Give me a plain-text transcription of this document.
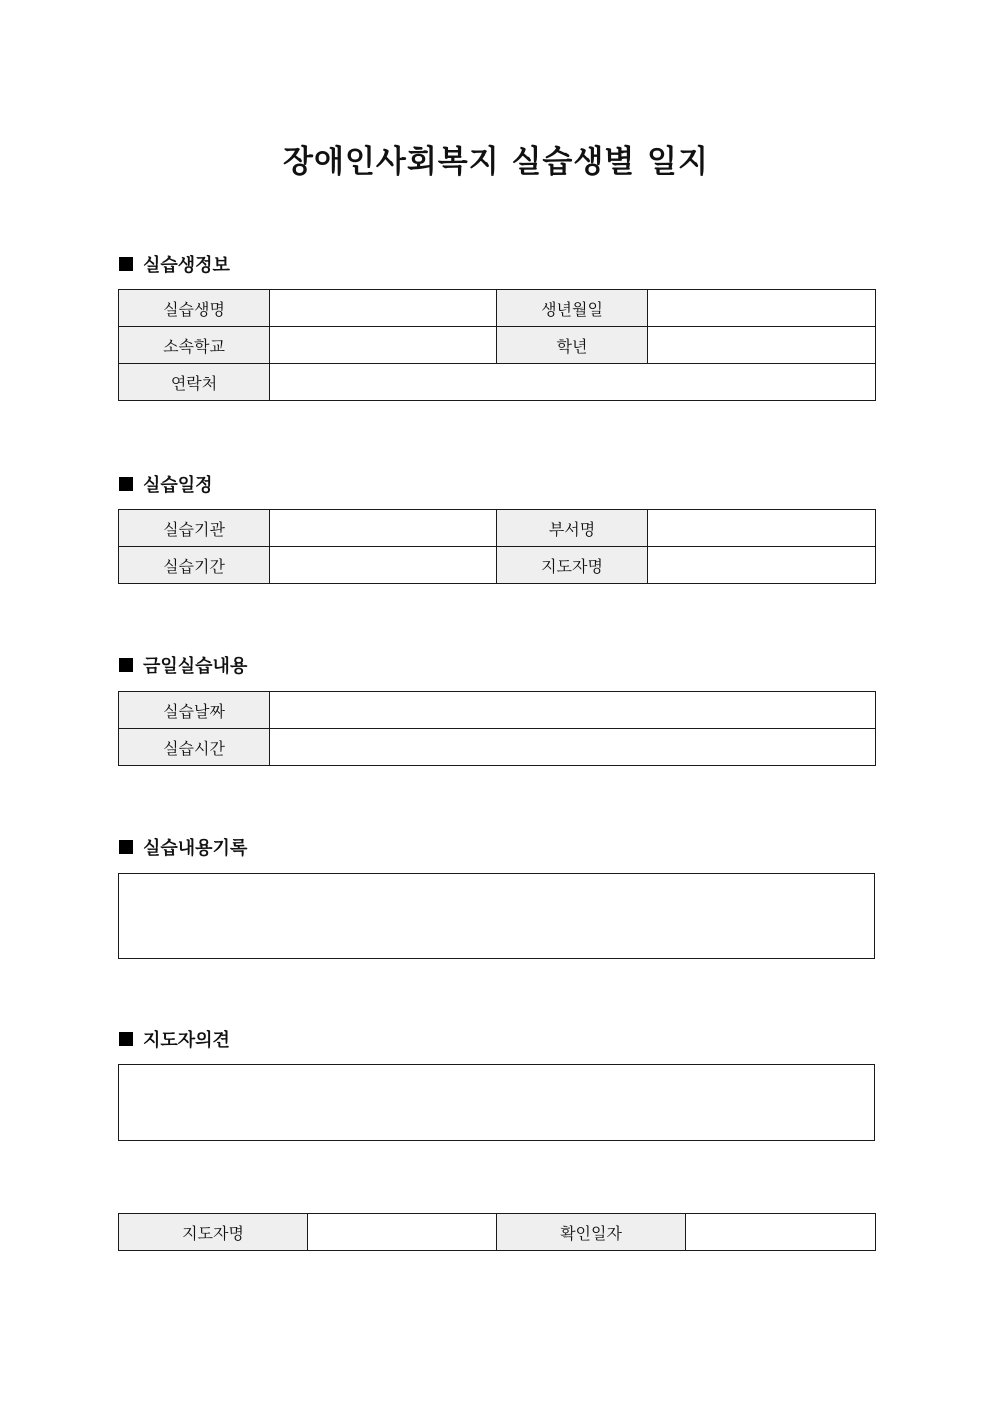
장애인사회복지 실습생별 일지
실습생정보
실습생명		생년월일	
소속학교		학년	
연락처			
실습일정
실습기관		부서명	
실습기간		지도자명	
금일실습내용
실습날짜	
실습시간	
실습내용기록
지도자의견
지도자명		확인일자	
